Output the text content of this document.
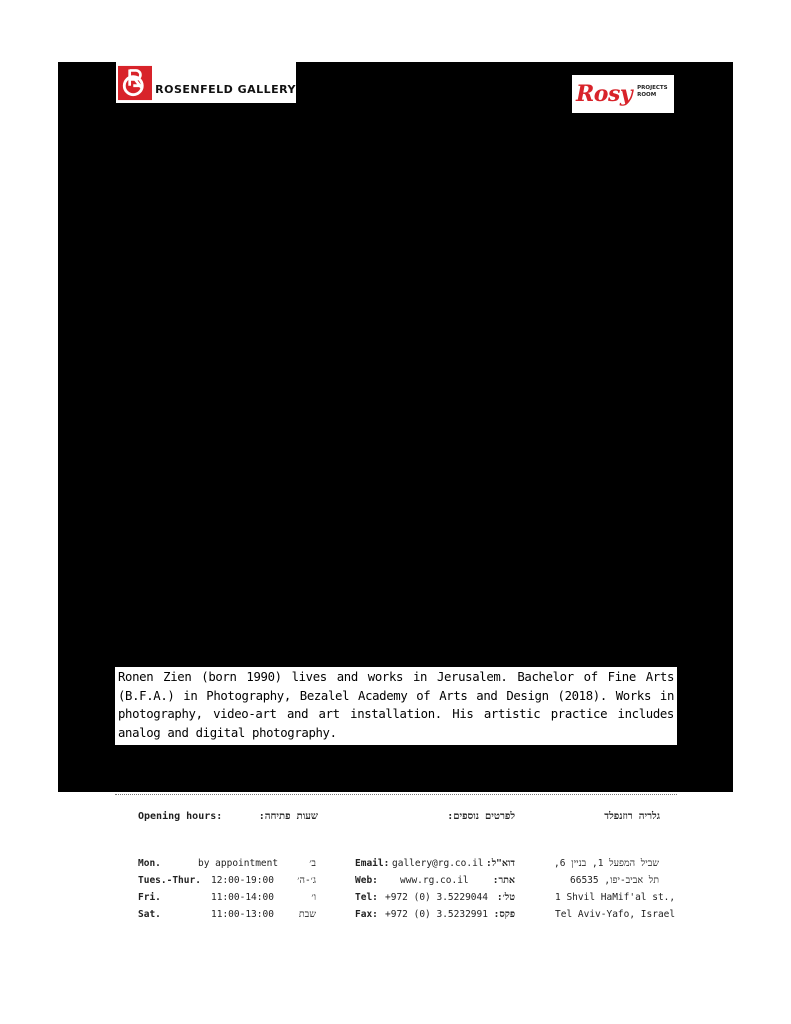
ROSENFELD GALLERY	Rosy PROJECTS
ROOM

Ronen Zien (born 1990) lives and works in Jerusalem. Bachelor of Fine Arts (B.F.A.) in Photography, Bezalel Academy of Arts and Design (2018). Works in photography, video-art and art installation. His artistic practice includes analog and digital photography.

Opening hours:	שעות פתיחה:	לפרטים נוספים:	גלריה רוזנפלד
Mon.	by appointment	ב׳
Tues.-Thur. 12:00-19:00 ג׳-ה׳
Fri.	11:00-14:00	ו׳
Sat.	11:00-13:00	שבת
Email: gallery@rg.co.il דוא"ל:
Web: www.rg.co.il	אתר:
Tel: +972 (0) 3.5229044 טל׳:
Fax: +972 (0) 3.5232991 פקס:
שביל המפעל 1, בניין 6,
תל אביב-יפו, 66535
1 Shvil HaMif'al st.,
Tel Aviv-Yafo, Israel
